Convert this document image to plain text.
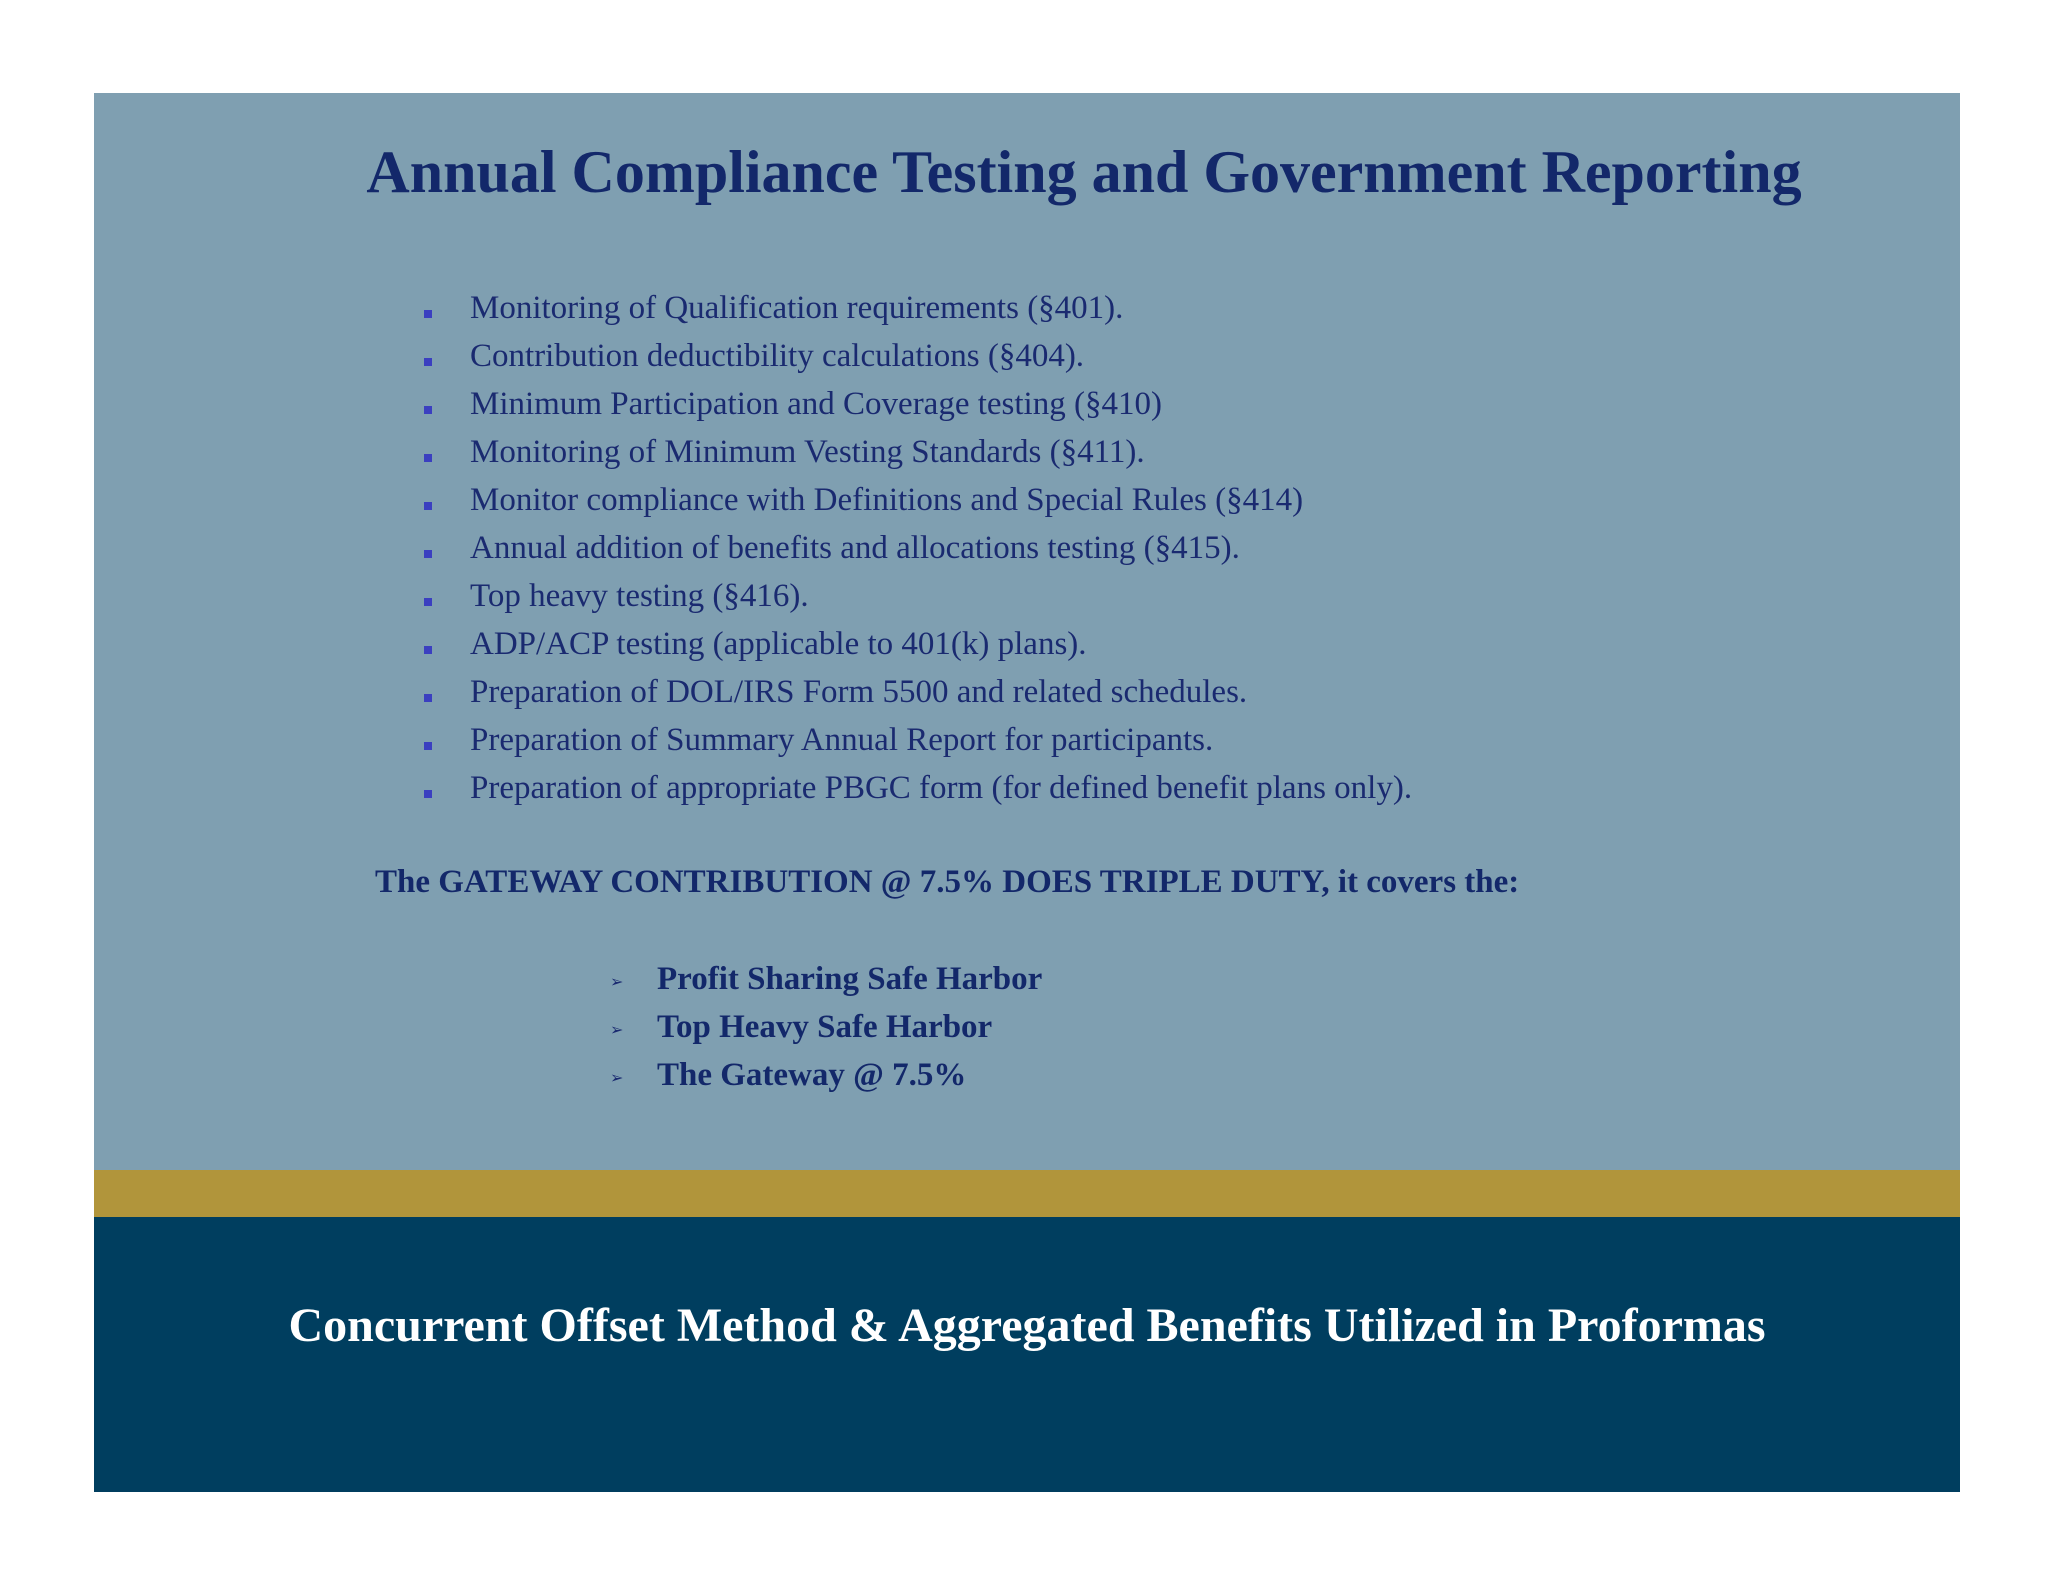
Annual Compliance Testing and Government Reporting
Monitoring of Qualification requirements (§401).
Contribution deductibility calculations (§404).
Minimum Participation and Coverage testing (§410)
Monitoring of Minimum Vesting Standards (§411).
Monitor compliance with Definitions and Special Rules (§414)
Annual addition of benefits and allocations testing (§415).
Top heavy testing (§416).
ADP/ACP testing (applicable to 401(k) plans).
Preparation of DOL/IRS Form 5500 and related schedules.
Preparation of Summary Annual Report for participants.
Preparation of appropriate PBGC form (for defined benefit plans only).
The GATEWAY CONTRIBUTION @ 7.5% DOES TRIPLE DUTY, it covers the:
➢ Profit Sharing Safe Harbor
➢ Top Heavy Safe Harbor
➢ The Gateway @ 7.5%
Concurrent Offset Method & Aggregated Benefits Utilized in Proformas
